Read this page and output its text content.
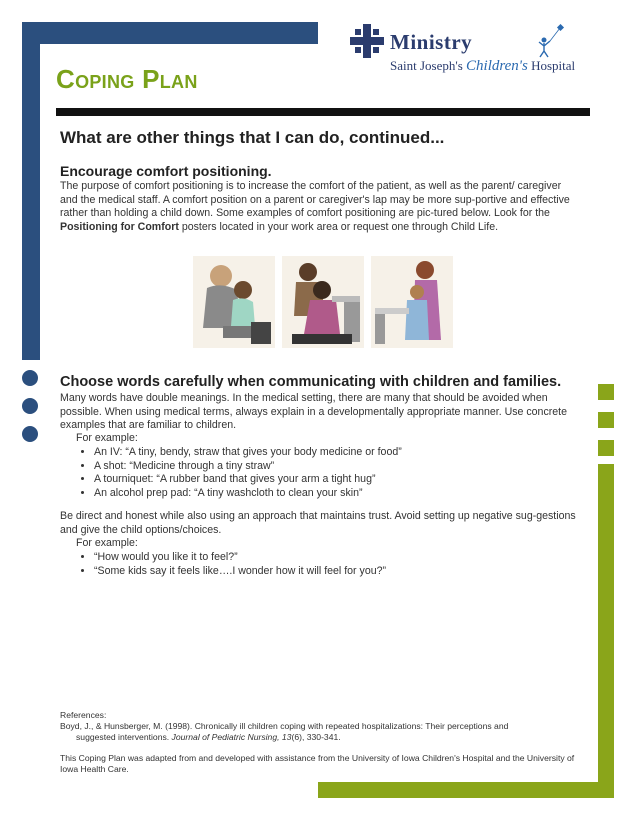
Ministry
Saint Joseph's Children's Hospital
Coping Plan
What are other things that I can do, continued...
Encourage comfort positioning.
The purpose of comfort positioning is to increase the comfort of the patient, as well as the parent/ caregiver and the medical staff. A comfort position on a parent or caregiver's lap may be more sup-portive and effective rather than holding a child down. Some examples of comfort positioning are pic-tured below. Look for the Positioning for Comfort posters located in your work area or request one through Child Life.
Choose words carefully when communicating with children and families.
Many words have double meanings. In the medical setting, there are many that should be avoided when possible. When using medical terms, always explain in a developmentally appropriate manner. Use concrete examples that are familiar to children.
For example:
• An IV: “A tiny, bendy, straw that gives your body medicine or food”
• A shot: “Medicine through a tiny straw”
• A tourniquet: “A rubber band that gives your arm a tight hug”
• An alcohol prep pad: “A tiny washcloth to clean your skin”
Be direct and honest while also using an approach that maintains trust. Avoid setting up negative sug-gestions and give the child options/choices.
For example:
• “How would you like it to feel?”
• “Some kids say it feels like….I wonder how it will feel for you?”
References:
Boyd, J., & Hunsberger, M. (1998). Chronically ill children coping with repeated hospitalizations: Their perceptions and
suggested interventions. Journal of Pediatric Nursing, 13(6), 330-341.
This Coping Plan was adapted from and developed with assistance from the University of Iowa Children's Hospital and the University of Iowa Health Care.
